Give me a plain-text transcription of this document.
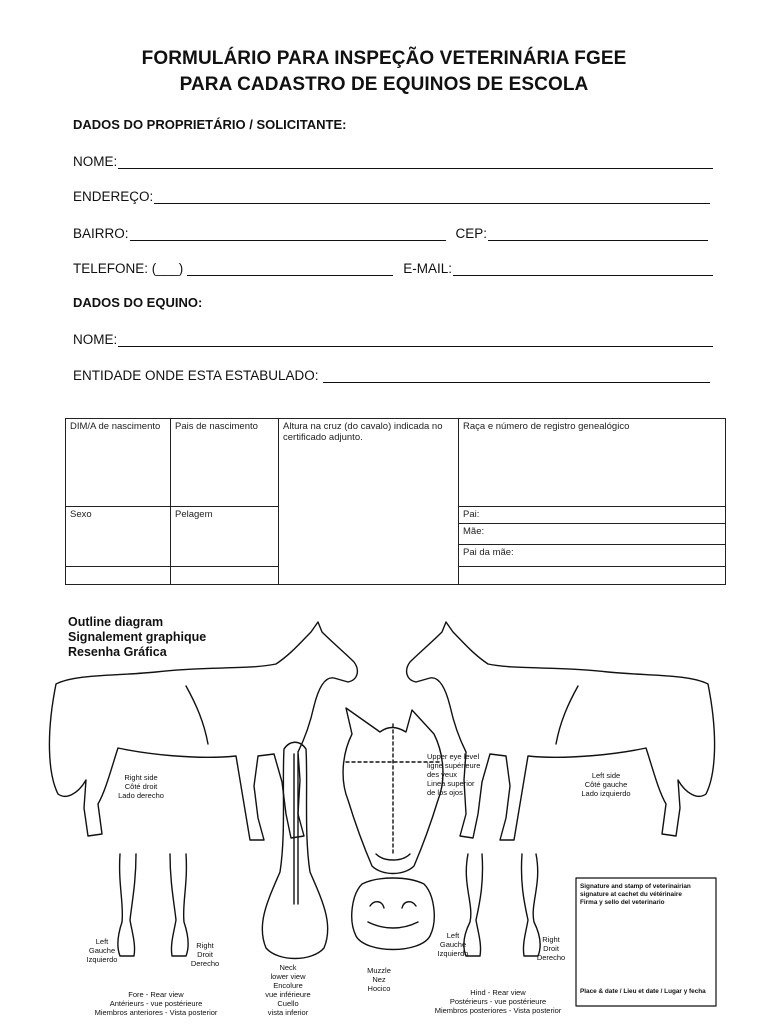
FORMULÁRIO PARA INSPEÇÃO VETERINÁRIA FGEE
PARA CADASTRO DE EQUINOS DE ESCOLA
DADOS DO PROPRIETÁRIO / SOLICITANTE:
NOME:
ENDEREÇO:
BAIRRO:	CEP:
TELEFONE: (___)	E-MAIL:
DADOS DO EQUINO:
NOME:
ENTIDADE ONDE ESTA ESTABULADO:
DIM/A de nascimento	Pais de nascimento	Altura na cruz (do cavalo) indicada no certificado adjunto.	Raça e número de registro genealógico
Sexo	Pelagem		Pai:
			Mãe:
			Pai da mãe:

Outline diagram
Signalement graphique
Resenha Gráfica
Right side
Côté droit
Lado derecho
Left side
Côté gauche
Lado izquierdo
Upper eye level
ligne supérieure
des yeux
Linea superior
de los ojos
Left
Gauche
Izquierdo
Right
Droit
Derecho
Fore - Rear view
Antérieurs - vue postérieure
Miembros anteriores - Vista posterior
Neck
lower view
Encolure
vue inférieure
Cuello
vista inferior
Muzzle
Nez
Hocico
Left
Gauche
Izquierdo
Right
Droit
Derecho
Hind - Rear view
Postérieurs - vue postérieure
Miembros posteriores - Vista posterior
Signature and stamp of veterinairian
signature at cachet du vétérinaire
Firma y sello del veterinario
Place & date / Lieu et date / Lugar y fecha
